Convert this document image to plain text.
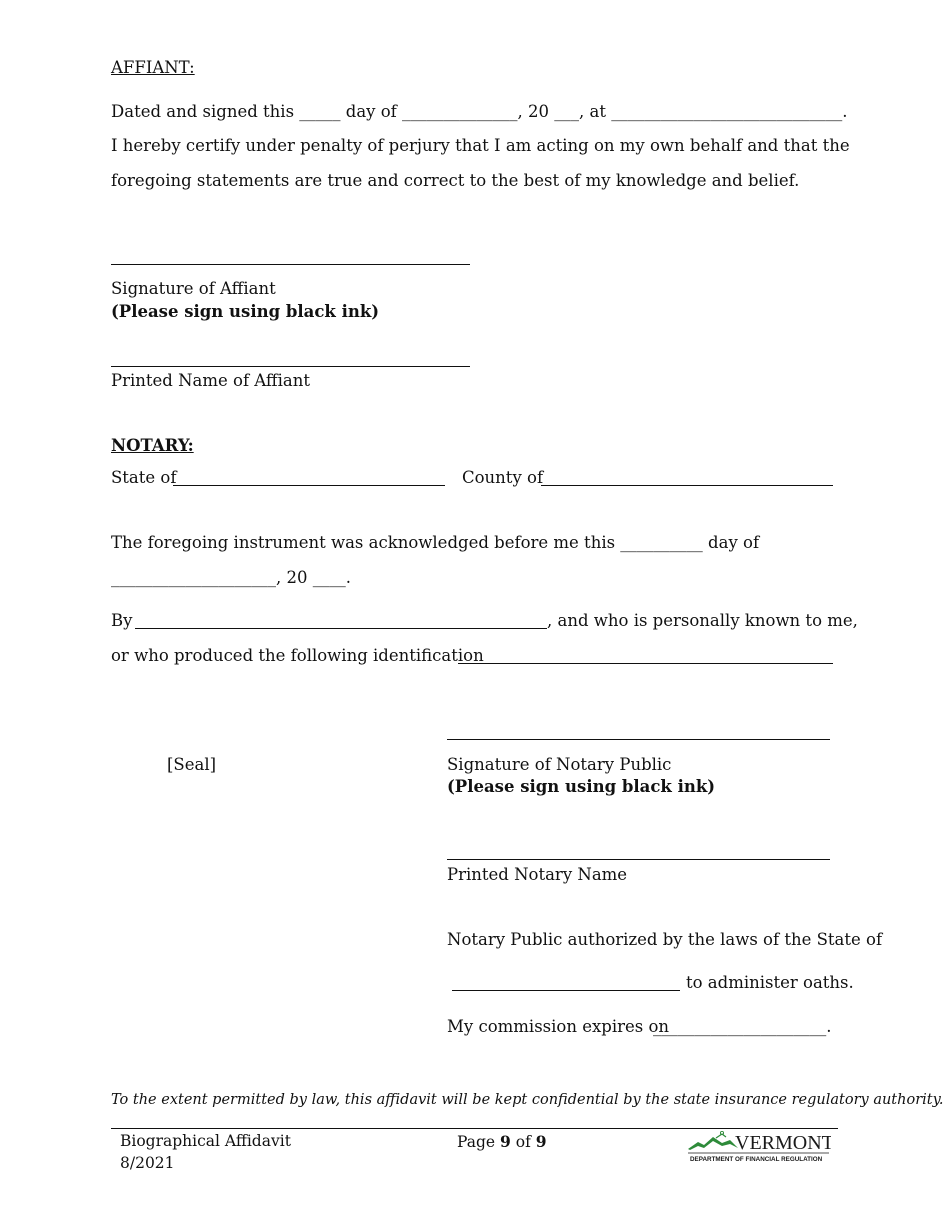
AFFIANT:
Dated and signed this _____ day of ______________, 20 ___, at ____________________________.
I hereby certify under penalty of perjury that I am acting on my own behalf and that the
foregoing statements are true and correct to the best of my knowledge and belief.
Signature of Affiant
(Please sign using black ink)
Printed Name of Affiant
NOTARY:
State of	County of
The foregoing instrument was acknowledged before me this __________ day of
____________________, 20 ____.
By	, and who is personally known to me,
or who produced the following identification
[Seal]	Signature of Notary Public
(Please sign using black ink)
Printed Notary Name
Notary Public authorized by the laws of the State of
to administer oaths.
My commission expires on
_____________________.
To the extent permitted by law, this affidavit will be kept confidential by the state insurance regulatory authority.
Biographical Affidavit
8/2021
Page 9 of 9	VERMONT
DEPARTMENT OF FINANCIAL REGULATION
